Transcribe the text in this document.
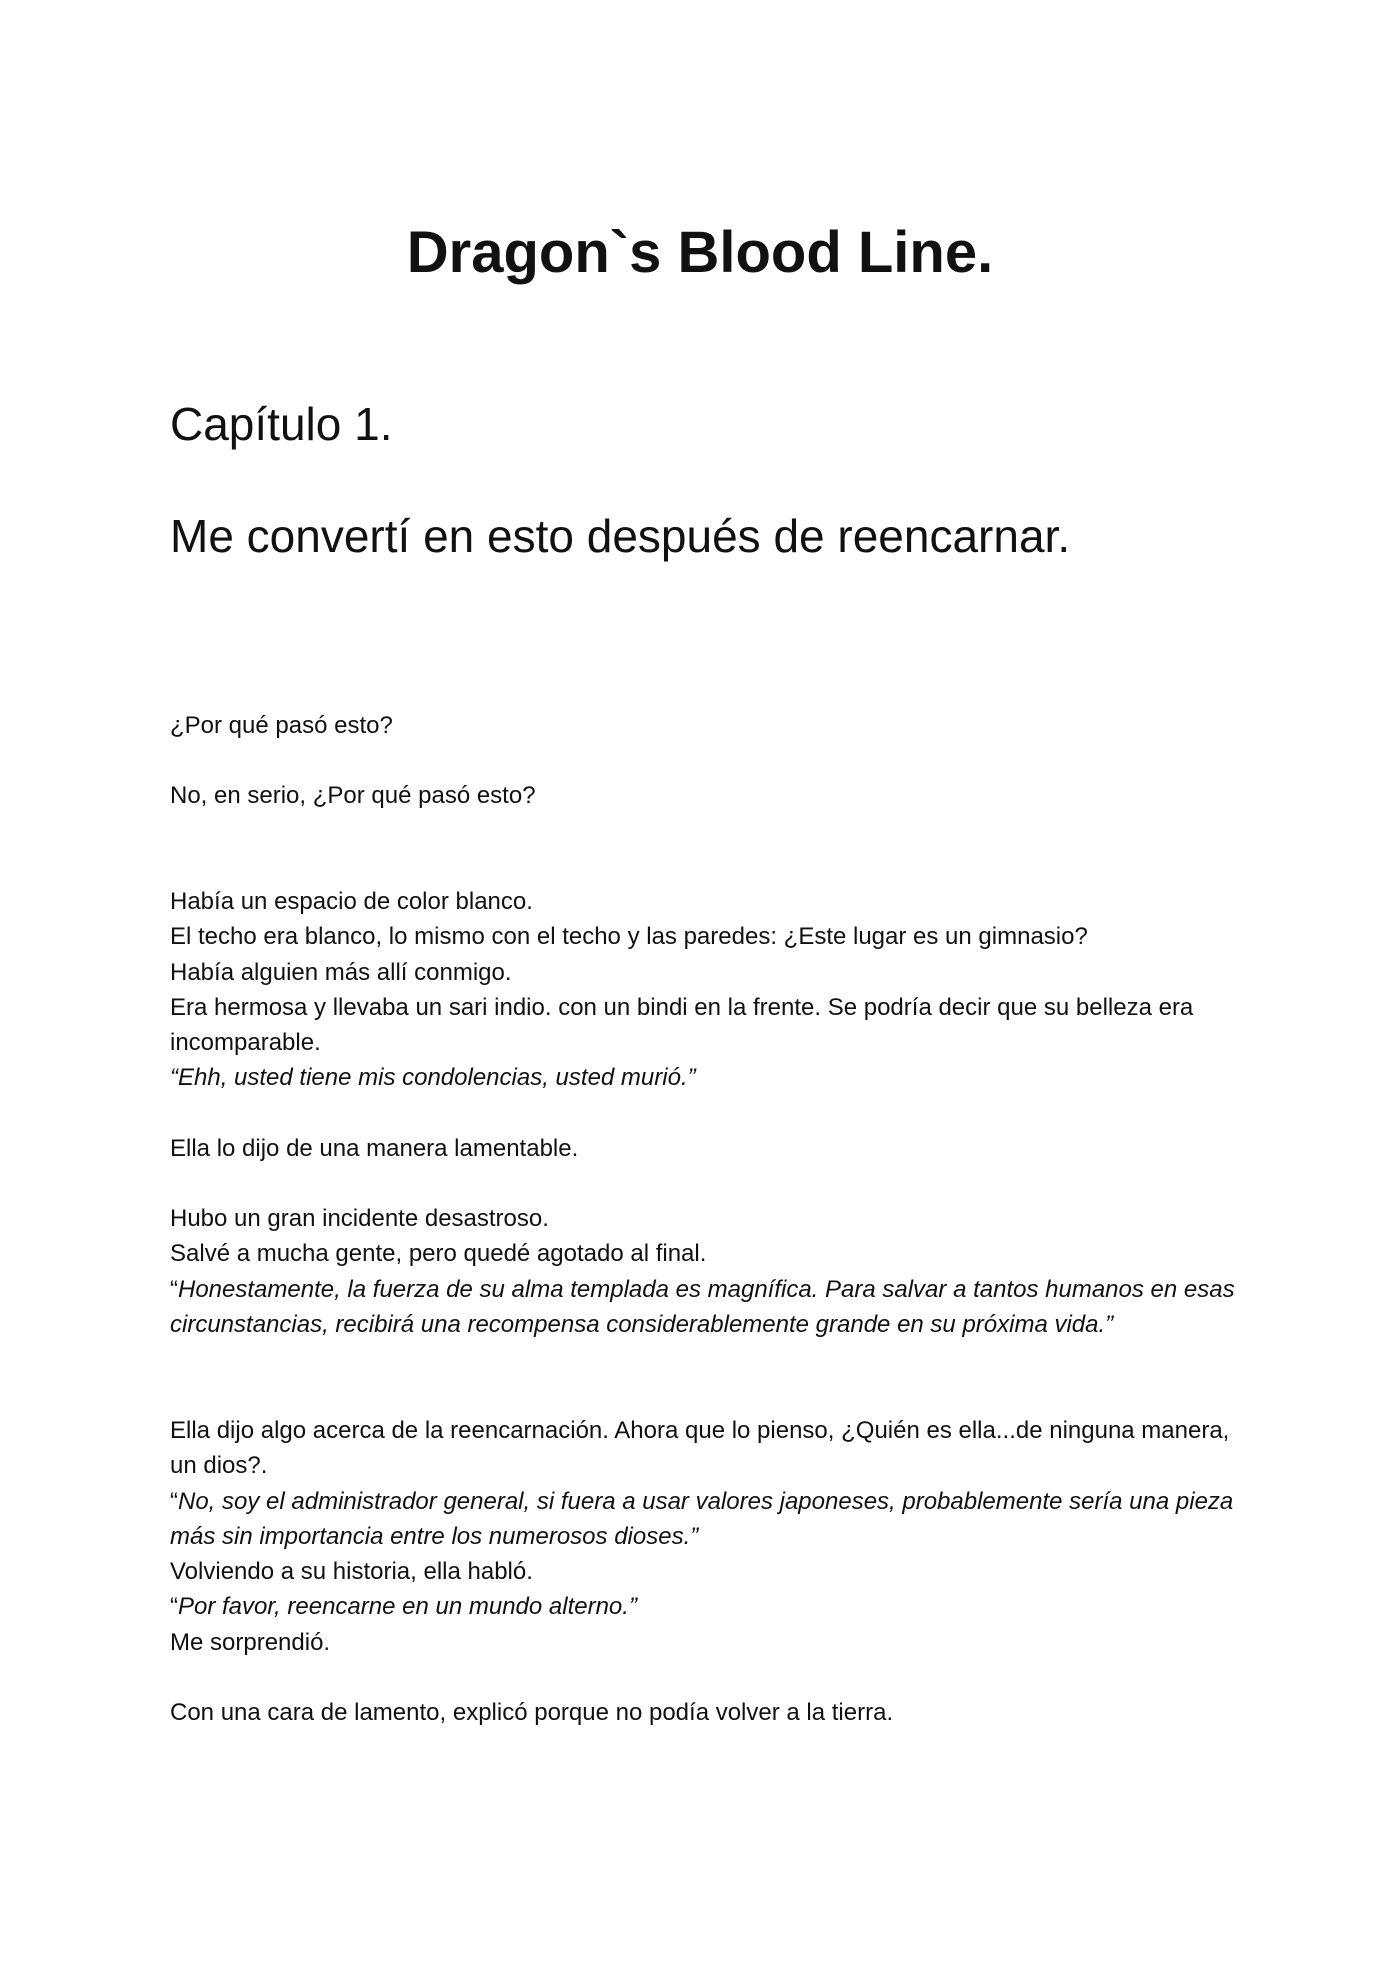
Dragon`s Blood Line.
Capítulo 1.
Me convertí en esto después de reencarnar.

¿Por qué pasó esto?

No, en serio, ¿Por qué pasó esto?

Había un espacio de color blanco.

El techo era blanco, lo mismo con el techo y las paredes: ¿Este lugar es un gimnasio?

Había alguien más allí conmigo.

Era hermosa y llevaba un sari indio. con un bindi en la frente. Se podría decir que su belleza era incomparable.

“Ehh, usted tiene mis condolencias, usted murió.”

Ella lo dijo de una manera lamentable.

Hubo un gran incidente desastroso.

Salvé a mucha gente, pero quedé agotado al final.

“Honestamente, la fuerza de su alma templada es magnífica. Para salvar a tantos humanos en esas circunstancias, recibirá una recompensa considerablemente grande en su próxima vida.”

Ella dijo algo acerca de la reencarnación. Ahora que lo pienso, ¿Quién es ella...de ninguna manera, un dios?.

“No, soy el administrador general, si fuera a usar valores japoneses, probablemente sería una pieza más sin importancia entre los numerosos dioses.”

Volviendo a su historia, ella habló.

“Por favor, reencarne en un mundo alterno.”

Me sorprendió.

Con una cara de lamento, explicó porque no podía volver a la tierra.
